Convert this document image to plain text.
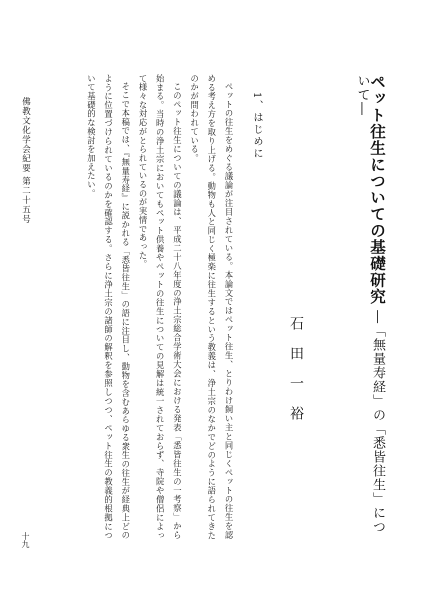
ペット往生についての基礎研究 ―「無量寿経」の「悉皆往生」について―
石田一裕
1、はじめに

ペットの往生をめぐる議論が注目されている。本論文ではペット往生、とりわけ飼い主と同じくペットの往生を認める考え方を取り上げる。動物も人と同じく極楽に往生するという教義は、浄土宗のなかでどのように語られてきたのかが問われている。

このペット往生についての議論は、平成二十八年度の浄土宗総合学術大会における発表「悉皆往生の一考察」から始まる。当時の浄土宗においてもペット供養やペットの往生についての見解は統一されておらず、寺院や僧侶によって様々な対応がとられているのが実情であった。

そこで本稿では、『無量寿経』に説かれる「悉皆往生」の語に注目し、動物を含むあらゆる衆生の往生が経典上どのように位置づけられているのかを確認する。さらに浄土宗の諸師の解釈を参照しつつ、ペット往生の教義的根拠について基礎的な検討を加えたい。

佛教文化学会紀要 第二十五号
十九
